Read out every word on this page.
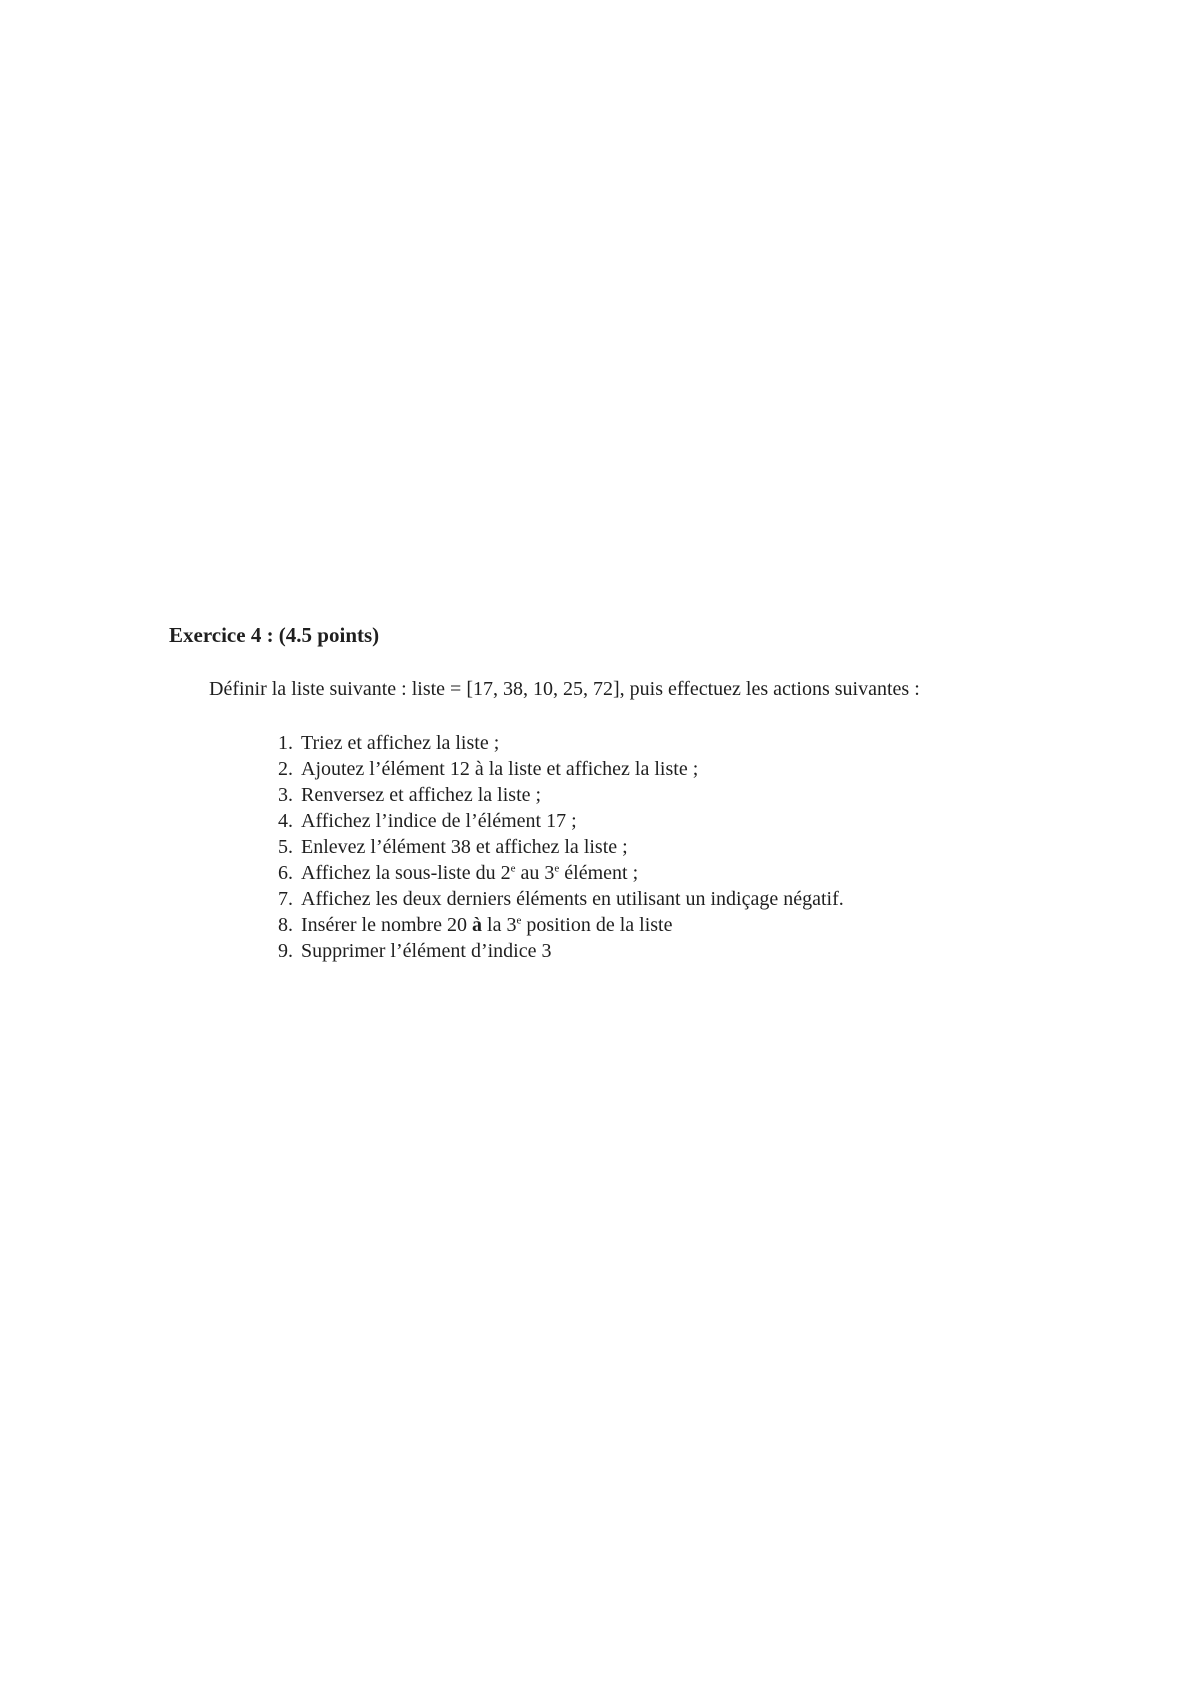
Exercice 4 : (4.5 points)

Définir la liste suivante : liste = [17, 38, 10, 25, 72], puis effectuez les actions suivantes :

1. Triez et affichez la liste ;
2. Ajoutez l’élément 12 à la liste et affichez la liste ;
3. Renversez et affichez la liste ;
4. Affichez l’indice de l’élément 17 ;
5. Enlevez l’élément 38 et affichez la liste ;
6. Affichez la sous-liste du 2e au 3e élément ;
7. Affichez les deux derniers éléments en utilisant un indiçage négatif.
8. Insérer le nombre 20 à la 3e position de la liste
9. Supprimer l’élément d’indice 3
